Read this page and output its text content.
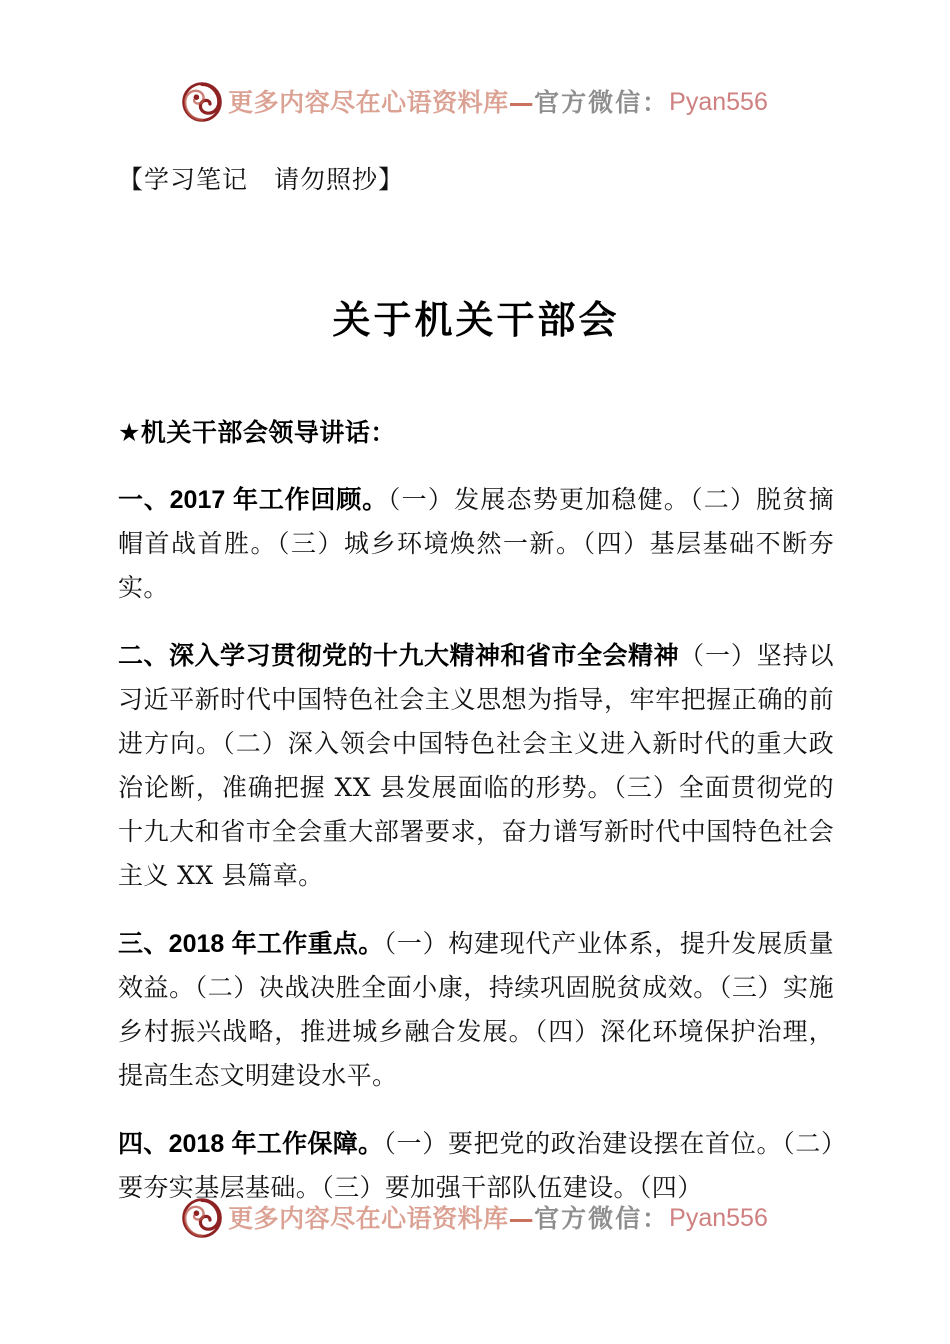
更多内容尽在心语资料库 — 官方微信： Pyan556

【学习笔记　请勿照抄】

关于机关干部会

★机关干部会领导讲话：

一、2017 年工作回顾。（一）发展态势更加稳健。（二）脱贫摘帽首战首胜。（三）城乡环境焕然一新。（四）基层基础不断夯实。

二、深入学习贯彻党的十九大精神和省市全会精神（一）坚持以习近平新时代中国特色社会主义思想为指导，牢牢把握正确的前进方向。（二）深入领会中国特色社会主义进入新时代的重大政治论断，准确把握 XX 县发展面临的形势。（三）全面贯彻党的十九大和省市全会重大部署要求，奋力谱写新时代中国特色社会主义 XX 县篇章。

三、2018 年工作重点。（一）构建现代产业体系，提升发展质量效益。（二）决战决胜全面小康，持续巩固脱贫成效。（三）实施乡村振兴战略，推进城乡融合发展。（四）深化环境保护治理，提高生态文明建设水平。

四、2018 年工作保障。（一）要把党的政治建设摆在首位。（二）要夯实基层基础。（三）要加强干部队伍建设。（四）

更多内容尽在心语资料库 — 官方微信： Pyan556
